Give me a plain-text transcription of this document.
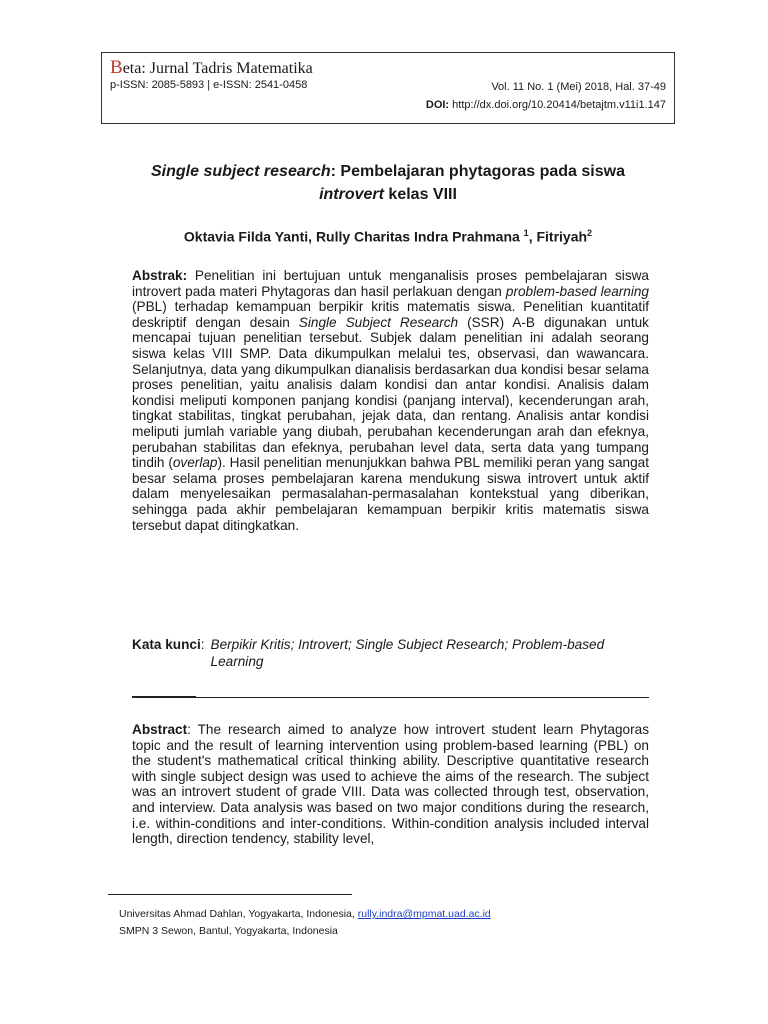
Beta: Jurnal Tadris Matematika
p-ISSN: 2085-5893 | e-ISSN: 2541-0458	Vol. 11 No. 1 (Mei) 2018, Hal. 37-49
DOI: http://dx.doi.org/10.20414/betajtm.v11i1.147
Single subject research: Pembelajaran phytagoras pada siswa
introvert kelas VIII
Oktavia Filda Yanti, Rully Charitas Indra Prahmana $^1$, Fitriyah$^2$
Abstrak: Penelitian ini bertujuan untuk menganalisis proses pembelajaran siswa introvert pada materi Phytagoras dan hasil perlakuan dengan problem-based learning (PBL) terhadap kemampuan berpikir kritis matematis siswa. Penelitian kuantitatif deskriptif dengan desain Single Subject Research (SSR) A-B digunakan untuk mencapai tujuan penelitian tersebut. Subjek dalam penelitian ini adalah seorang siswa kelas VIII SMP. Data dikumpulkan melalui tes, observasi, dan wawancara. Selanjutnya, data yang dikumpulkan dianalisis berdasarkan dua kondisi besar selama proses penelitian, yaitu analisis dalam kondisi dan antar kondisi. Analisis dalam kondisi meliputi komponen panjang kondisi (panjang interval), kecenderungan arah, tingkat stabilitas, tingkat perubahan, jejak data, dan rentang. Analisis antar kondisi meliputi jumlah variable yang diubah, perubahan kecenderungan arah dan efeknya, perubahan stabilitas dan efeknya, perubahan level data, serta data yang tumpang tindih (overlap). Hasil penelitian menunjukkan bahwa PBL memiliki peran yang sangat besar selama proses pembelajaran karena mendukung siswa introvert untuk aktif dalam menyelesaikan permasalahan-permasalahan kontekstual yang diberikan, sehingga pada akhir pembelajaran kemampuan berpikir kritis matematis siswa tersebut dapat ditingkatkan.
Kata kunci: Berpikir Kritis; Introvert; Single Subject Research; Problem-based Learning
Abstract: The research aimed to analyze how introvert student learn Phytagoras topic and the result of learning intervention using problem-based learning (PBL) on the student's mathematical critical thinking ability. Descriptive quantitative research with single subject design was used to achieve the aims of the research. The subject was an introvert student of grade VIII. Data was collected through test, observation, and interview. Data analysis was based on two major conditions during the research, i.e. within-conditions and inter-conditions. Within-condition analysis included interval length, direction tendency, stability level,
Universitas Ahmad Dahlan, Yogyakarta, Indonesia, rully.indra@mpmat.uad.ac.id
SMPN 3 Sewon, Bantul, Yogyakarta, Indonesia
